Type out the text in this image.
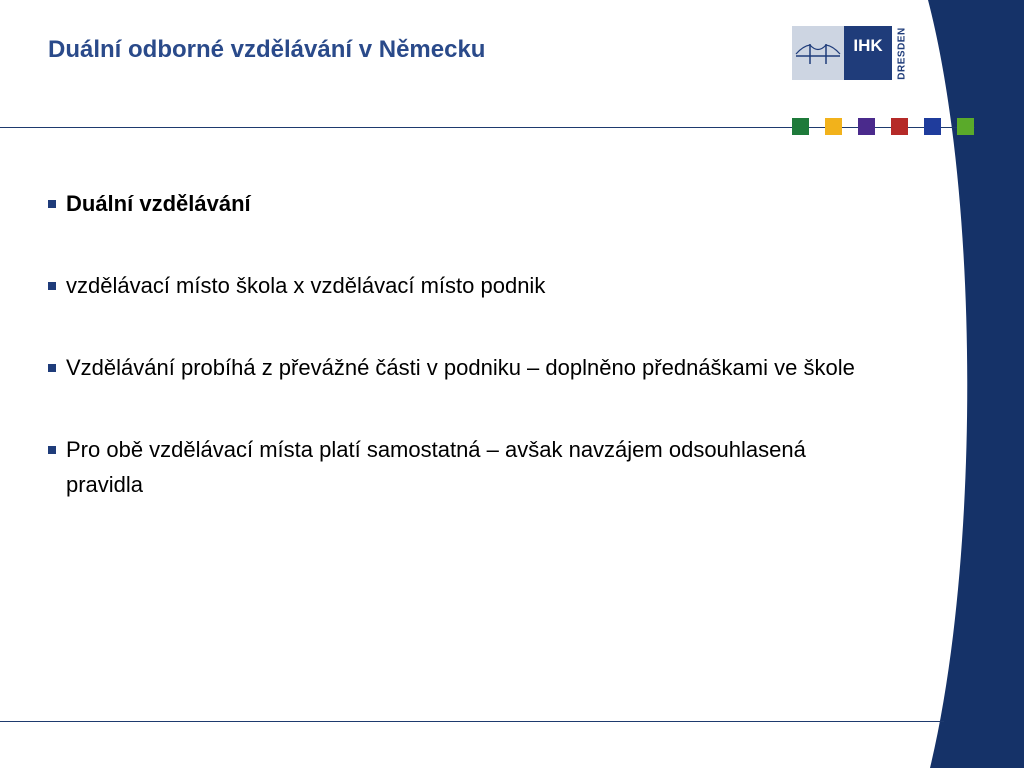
Duální odborné vzdělávání v Německu	IHK	DRESDEN
Duální vzdělávání
vzdělávací místo škola x vzdělávací místo podnik
Vzdělávání probíhá z převážné části v podniku – doplněno přednáškami ve škole
Pro obě vzdělávací místa platí samostatná – avšak navzájem odsouhlasená pravidla
